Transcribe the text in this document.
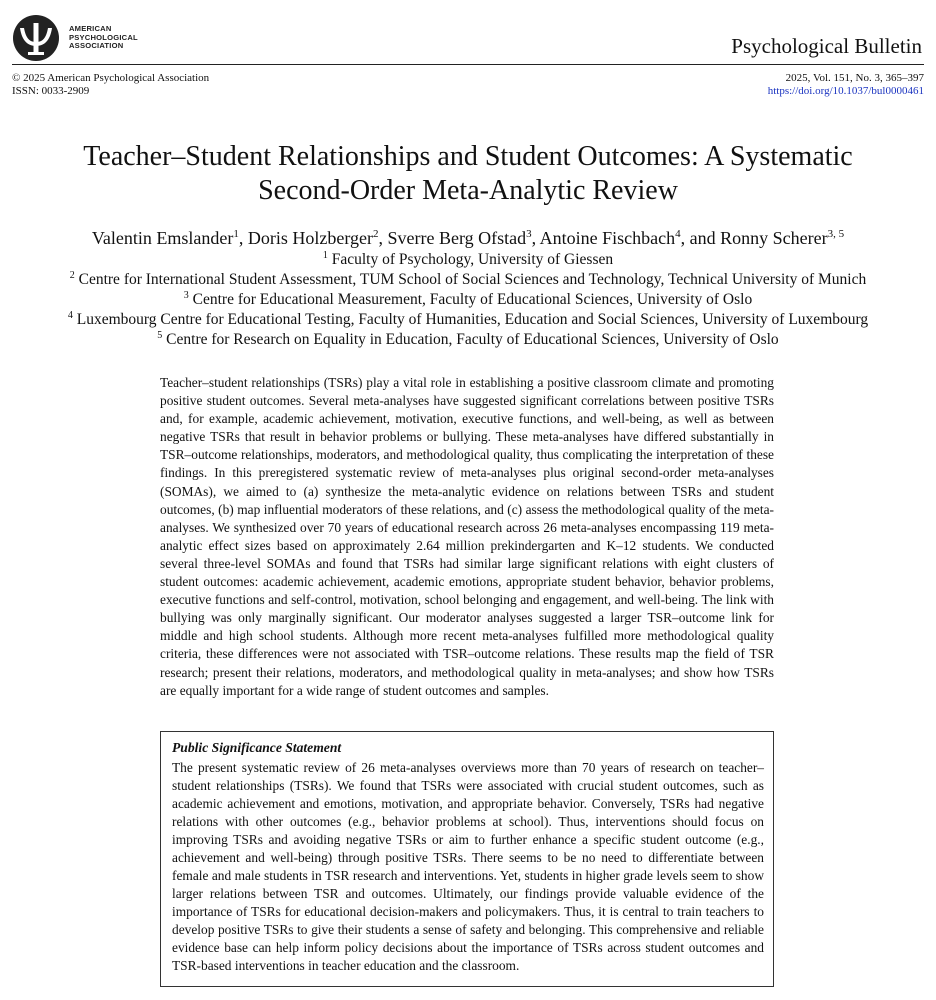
AMERICAN
PSYCHOLOGICAL
ASSOCIATION	Psychological Bulletin
© 2025 American Psychological Association
ISSN: 0033-2909
2025, Vol. 151, No. 3, 365–397
https://doi.org/10.1037/bul0000461
Teacher–Student Relationships and Student Outcomes: A Systematic
Second-Order Meta-Analytic Review
Valentin Emslander$^1$, Doris Holzberger$^2$, Sverre Berg Ofstad$^3$, Antoine Fischbach$^4$, and Ronny Scherer$^{3, 5}$
$^1$ Faculty of Psychology, University of Giessen
$^2$ Centre for International Student Assessment, TUM School of Social Sciences and Technology, Technical University of Munich
$^3$ Centre for Educational Measurement, Faculty of Educational Sciences, University of Oslo
$^4$ Luxembourg Centre for Educational Testing, Faculty of Humanities, Education and Social Sciences, University of Luxembourg
$^5$ Centre for Research on Equality in Education, Faculty of Educational Sciences, University of Oslo
Teacher–student relationships (TSRs) play a vital role in establishing a positive classroom climate and promoting positive student outcomes. Several meta-analyses have suggested significant correlations between positive TSRs and, for example, academic achievement, motivation, executive functions, and well-being, as well as between negative TSRs that result in behavior problems or bullying. These meta-analyses have differed substantially in TSR–outcome relationships, moderators, and methodological quality, thus complicating the interpretation of these findings. In this preregistered systematic review of meta-analyses plus original second-order meta-analyses (SOMAs), we aimed to (a) synthesize the meta-analytic evidence on relations between TSRs and student outcomes, (b) map influential moderators of these relations, and (c) assess the methodological quality of the meta-analyses. We synthesized over 70 years of educational research across 26 meta-analyses encompassing 119 meta-analytic effect sizes based on approximately 2.64 million prekindergarten and K–12 students. We conducted several three-level SOMAs and found that TSRs had similar large significant relations with eight clusters of student outcomes: academic achievement, academic emotions, appropriate student behavior, behavior problems, executive functions and self-control, motivation, school belonging and engagement, and well-being. The link with bullying was only marginally significant. Our moderator analyses suggested a larger TSR–outcome link for middle and high school students. Although more recent meta-analyses fulfilled more methodological quality criteria, these differences were not associated with TSR–outcome relations. These results map the field of TSR research; present their relations, moderators, and methodological quality in meta-analyses; and show how TSRs are equally important for a wide range of student outcomes and samples.
Public Significance Statement
The present systematic review of 26 meta-analyses overviews more than 70 years of research on teacher–student relationships (TSRs). We found that TSRs were associated with crucial student outcomes, such as academic achievement and emotions, motivation, and appropriate behavior. Conversely, TSRs had negative relations with other outcomes (e.g., behavior problems at school). Thus, interventions should focus on improving TSRs and avoiding negative TSRs or aim to further enhance a specific student outcome (e.g., achievement and well-being) through positive TSRs. There seems to be no need to differentiate between female and male students in TSR research and interventions. Yet, students in higher grade levels seem to show larger relations between TSR and outcomes. Ultimately, our findings provide valuable evidence of the importance of TSRs for educational decision-makers and policymakers. Thus, it is central to train teachers to develop positive TSRs to give their students a sense of safety and belonging. This comprehensive and reliable evidence base can help inform policy decisions about the importance of TSRs across student outcomes and TSR-based interventions in teacher education and the classroom.
